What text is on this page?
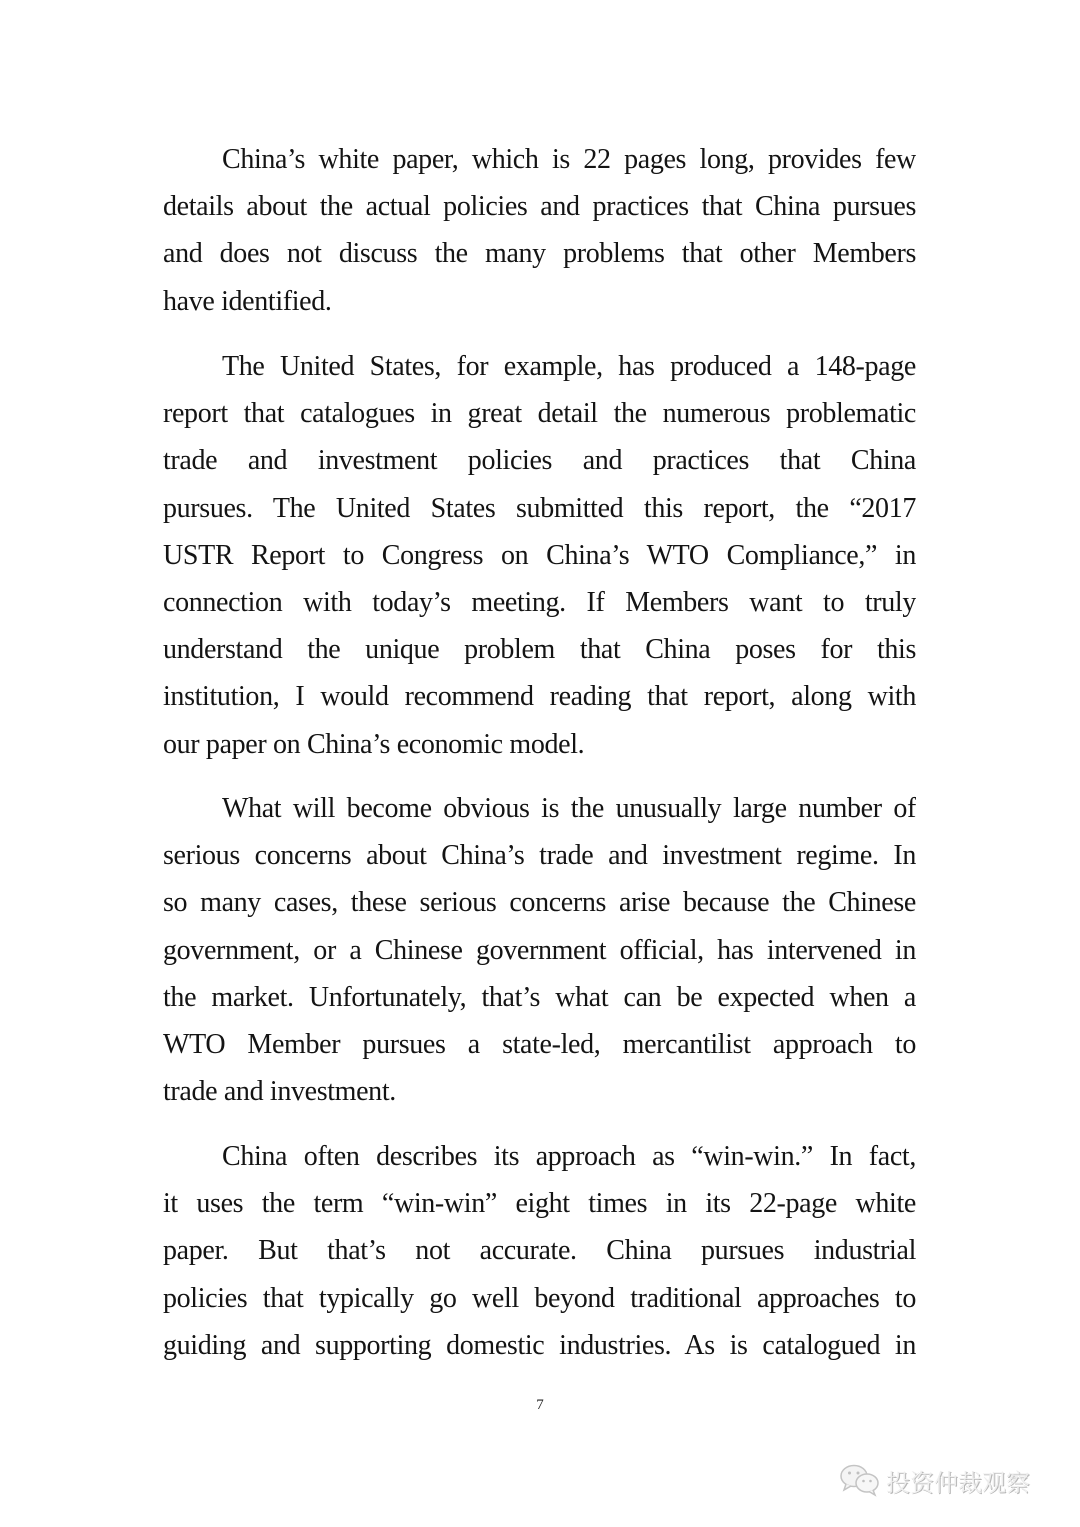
China’s white paper, which is 22 pages long, provides few
details about the actual policies and practices that China pursues
and does not discuss the many problems that other Members
have identified.
The United States, for example, has produced a 148-page
report that catalogues in great detail the numerous problematic
trade and investment policies and practices that China
pursues. The United States submitted this report, the “2017
USTR Report to Congress on China’s WTO Compliance,” in
connection with today’s meeting. If Members want to truly
understand the unique problem that China poses for this
institution, I would recommend reading that report, along with
our paper on China’s economic model.
What will become obvious is the unusually large number of
serious concerns about China’s trade and investment regime. In
so many cases, these serious concerns arise because the Chinese
government, or a Chinese government official, has intervened in
the market. Unfortunately, that’s what can be expected when a
WTO Member pursues a state-led, mercantilist approach to
trade and investment.
China often describes its approach as “win-win.” In fact,
it uses the term “win-win” eight times in its 22-page white
paper. But that’s not accurate. China pursues industrial
policies that typically go well beyond traditional approaches to
guiding and supporting domestic industries. As is catalogued in
7
投资仲裁观察
